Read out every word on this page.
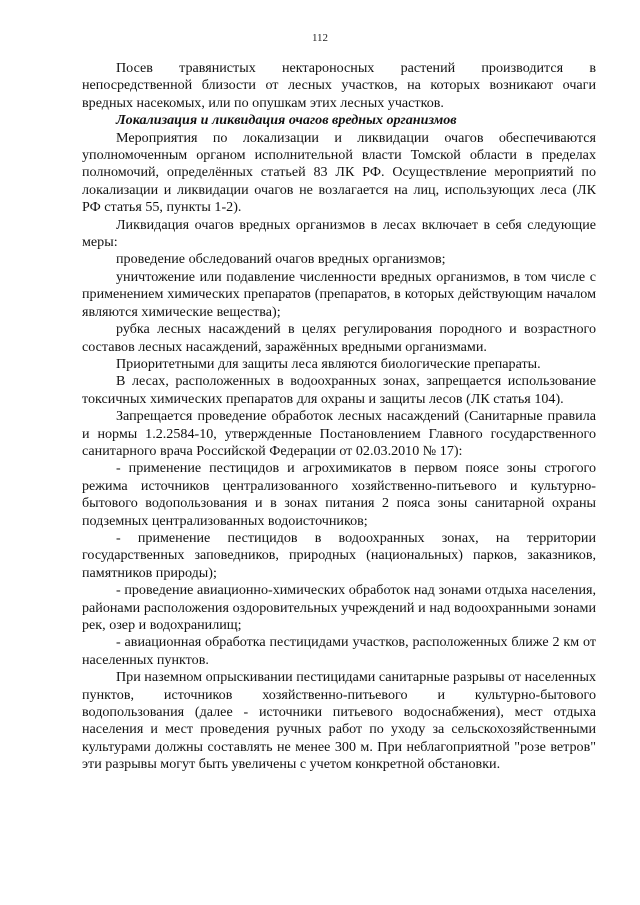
112

Посев травянистых нектароносных растений производится в непосредственной близости от лесных участков, на которых возникают очаги вредных насекомых, или по опушкам этих лесных участков.

Локализация и ликвидация очагов вредных организмов

Мероприятия по локализации и ликвидации очагов обеспечиваются уполномоченным органом исполнительной власти Томской области в пределах полномочий, определённых статьей 83 ЛК РФ. Осуществление мероприятий по локализации и ликвидации очагов не возлагается на лиц, использующих леса (ЛК РФ статья 55, пункты 1-2).

Ликвидация очагов вредных организмов в лесах включает в себя следующие меры:

проведение обследований очагов вредных организмов;

уничтожение или подавление численности вредных организмов, в том числе с применением химических препаратов (препаратов, в которых действующим началом являются химические вещества);

рубка лесных насаждений в целях регулирования породного и возрастного составов лесных насаждений, заражённых вредными организмами.

Приоритетными для защиты леса являются биологические препараты.

В лесах, расположенных в водоохранных зонах, запрещается использование токсичных химических препаратов для охраны и защиты лесов (ЛК статья 104).

Запрещается проведение обработок лесных насаждений (Санитарные правила и нормы 1.2.2584-10, утвержденные Постановлением Главного государственного санитарного врача Российской Федерации от 02.03.2010 № 17):

- применение пестицидов и агрохимикатов в первом поясе зоны строгого режима источников централизованного хозяйственно-питьевого и культурно-бытового водопользования и в зонах питания 2 пояса зоны санитарной охраны подземных централизованных водоисточников;

- применение пестицидов в водоохранных зонах, на территории государственных заповедников, природных (национальных) парков, заказников, памятников природы);

- проведение авиационно-химических обработок над зонами отдыха населения, районами расположения оздоровительных учреждений и над водоохранными зонами рек, озер и водохранилищ;

- авиационная обработка пестицидами участков, расположенных ближе 2 км от населенных пунктов.

При наземном опрыскивании пестицидами санитарные разрывы от населенных пунктов, источников хозяйственно-питьевого и культурно-бытового водопользования (далее - источники питьевого водоснабжения), мест отдыха населения и мест проведения ручных работ по уходу за сельскохозяйственными культурами должны составлять не менее 300 м. При неблагоприятной "розе ветров" эти разрывы могут быть увеличены с учетом конкретной обстановки.
